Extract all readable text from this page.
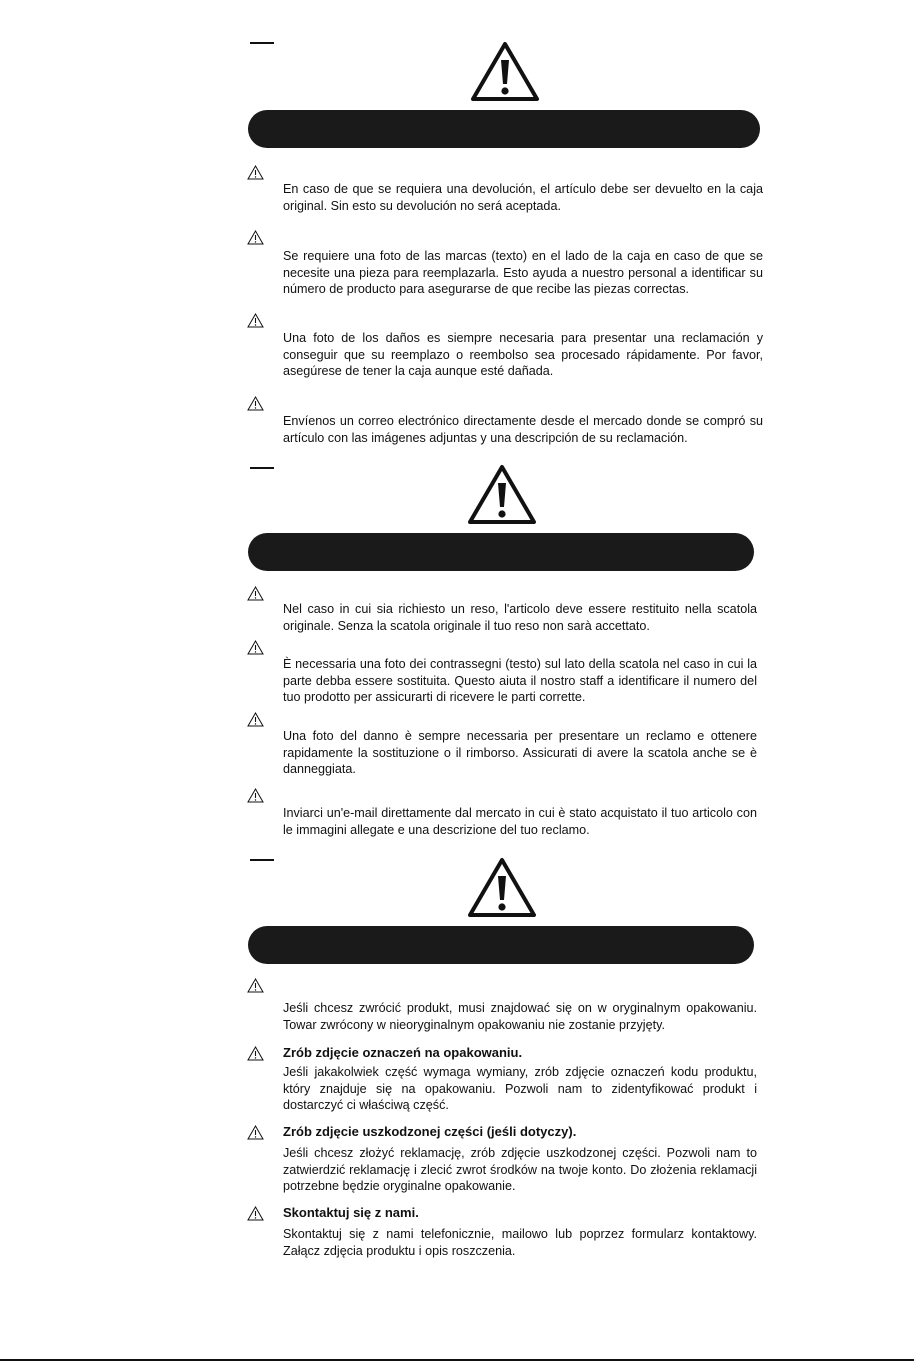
En caso de que se requiera una devolución, el artículo debe ser devuelto en la caja original. Sin esto su devolución no será aceptada.
Se requiere una foto de las marcas (texto) en el lado de la caja en caso de que se necesite una pieza para reemplazarla. Esto ayuda a nuestro personal a identificar su número de producto para asegurarse de que recibe las piezas correctas.
Una foto de los daños es siempre necesaria para presentar una reclamación y conseguir que su reemplazo o reembolso sea procesado rápidamente. Por favor, asegúrese de tener la caja aunque esté dañada.
Envíenos un correo electrónico directamente desde el mercado donde se compró su artículo con las imágenes adjuntas y una descripción de su reclamación.
Nel caso in cui sia richiesto un reso, l'articolo deve essere restituito nella scatola originale. Senza la scatola originale il tuo reso non sarà accettato.
È necessaria una foto dei contrassegni (testo) sul lato della scatola nel caso in cui la parte debba essere sostituita. Questo aiuta il nostro staff a identificare il numero del tuo prodotto per assicurarti di ricevere le parti corrette.
Una foto del danno è sempre necessaria per presentare un reclamo e ottenere rapidamente la sostituzione o il rimborso. Assicurati di avere la scatola anche se è danneggiata.
Inviarci un'e-mail direttamente dal mercato in cui è stato acquistato il tuo articolo con le immagini allegate e una descrizione del tuo reclamo.
Jeśli chcesz zwrócić produkt, musi znajdować się on w oryginalnym opakowaniu. Towar zwrócony w nieoryginalnym opakowaniu nie zostanie przyjęty.
Zrób zdjęcie oznaczeń na opakowaniu.
Jeśli jakakolwiek część wymaga wymiany, zrób zdjęcie oznaczeń kodu produktu, który znajduje się na opakowaniu. Pozwoli nam to zidentyfikować produkt i dostarczyć ci właściwą część.
Zrób zdjęcie uszkodzonej części (jeśli dotyczy).
Jeśli chcesz złożyć reklamację, zrób zdjęcie uszkodzonej części. Pozwoli nam to zatwierdzić reklamację i zlecić zwrot środków na twoje konto. Do złożenia reklamacji potrzebne będzie oryginalne opakowanie.
Skontaktuj się z nami.
Skontaktuj się z nami telefonicznie, mailowo lub poprzez formularz kontaktowy. Załącz zdjęcia produktu i opis roszczenia.
